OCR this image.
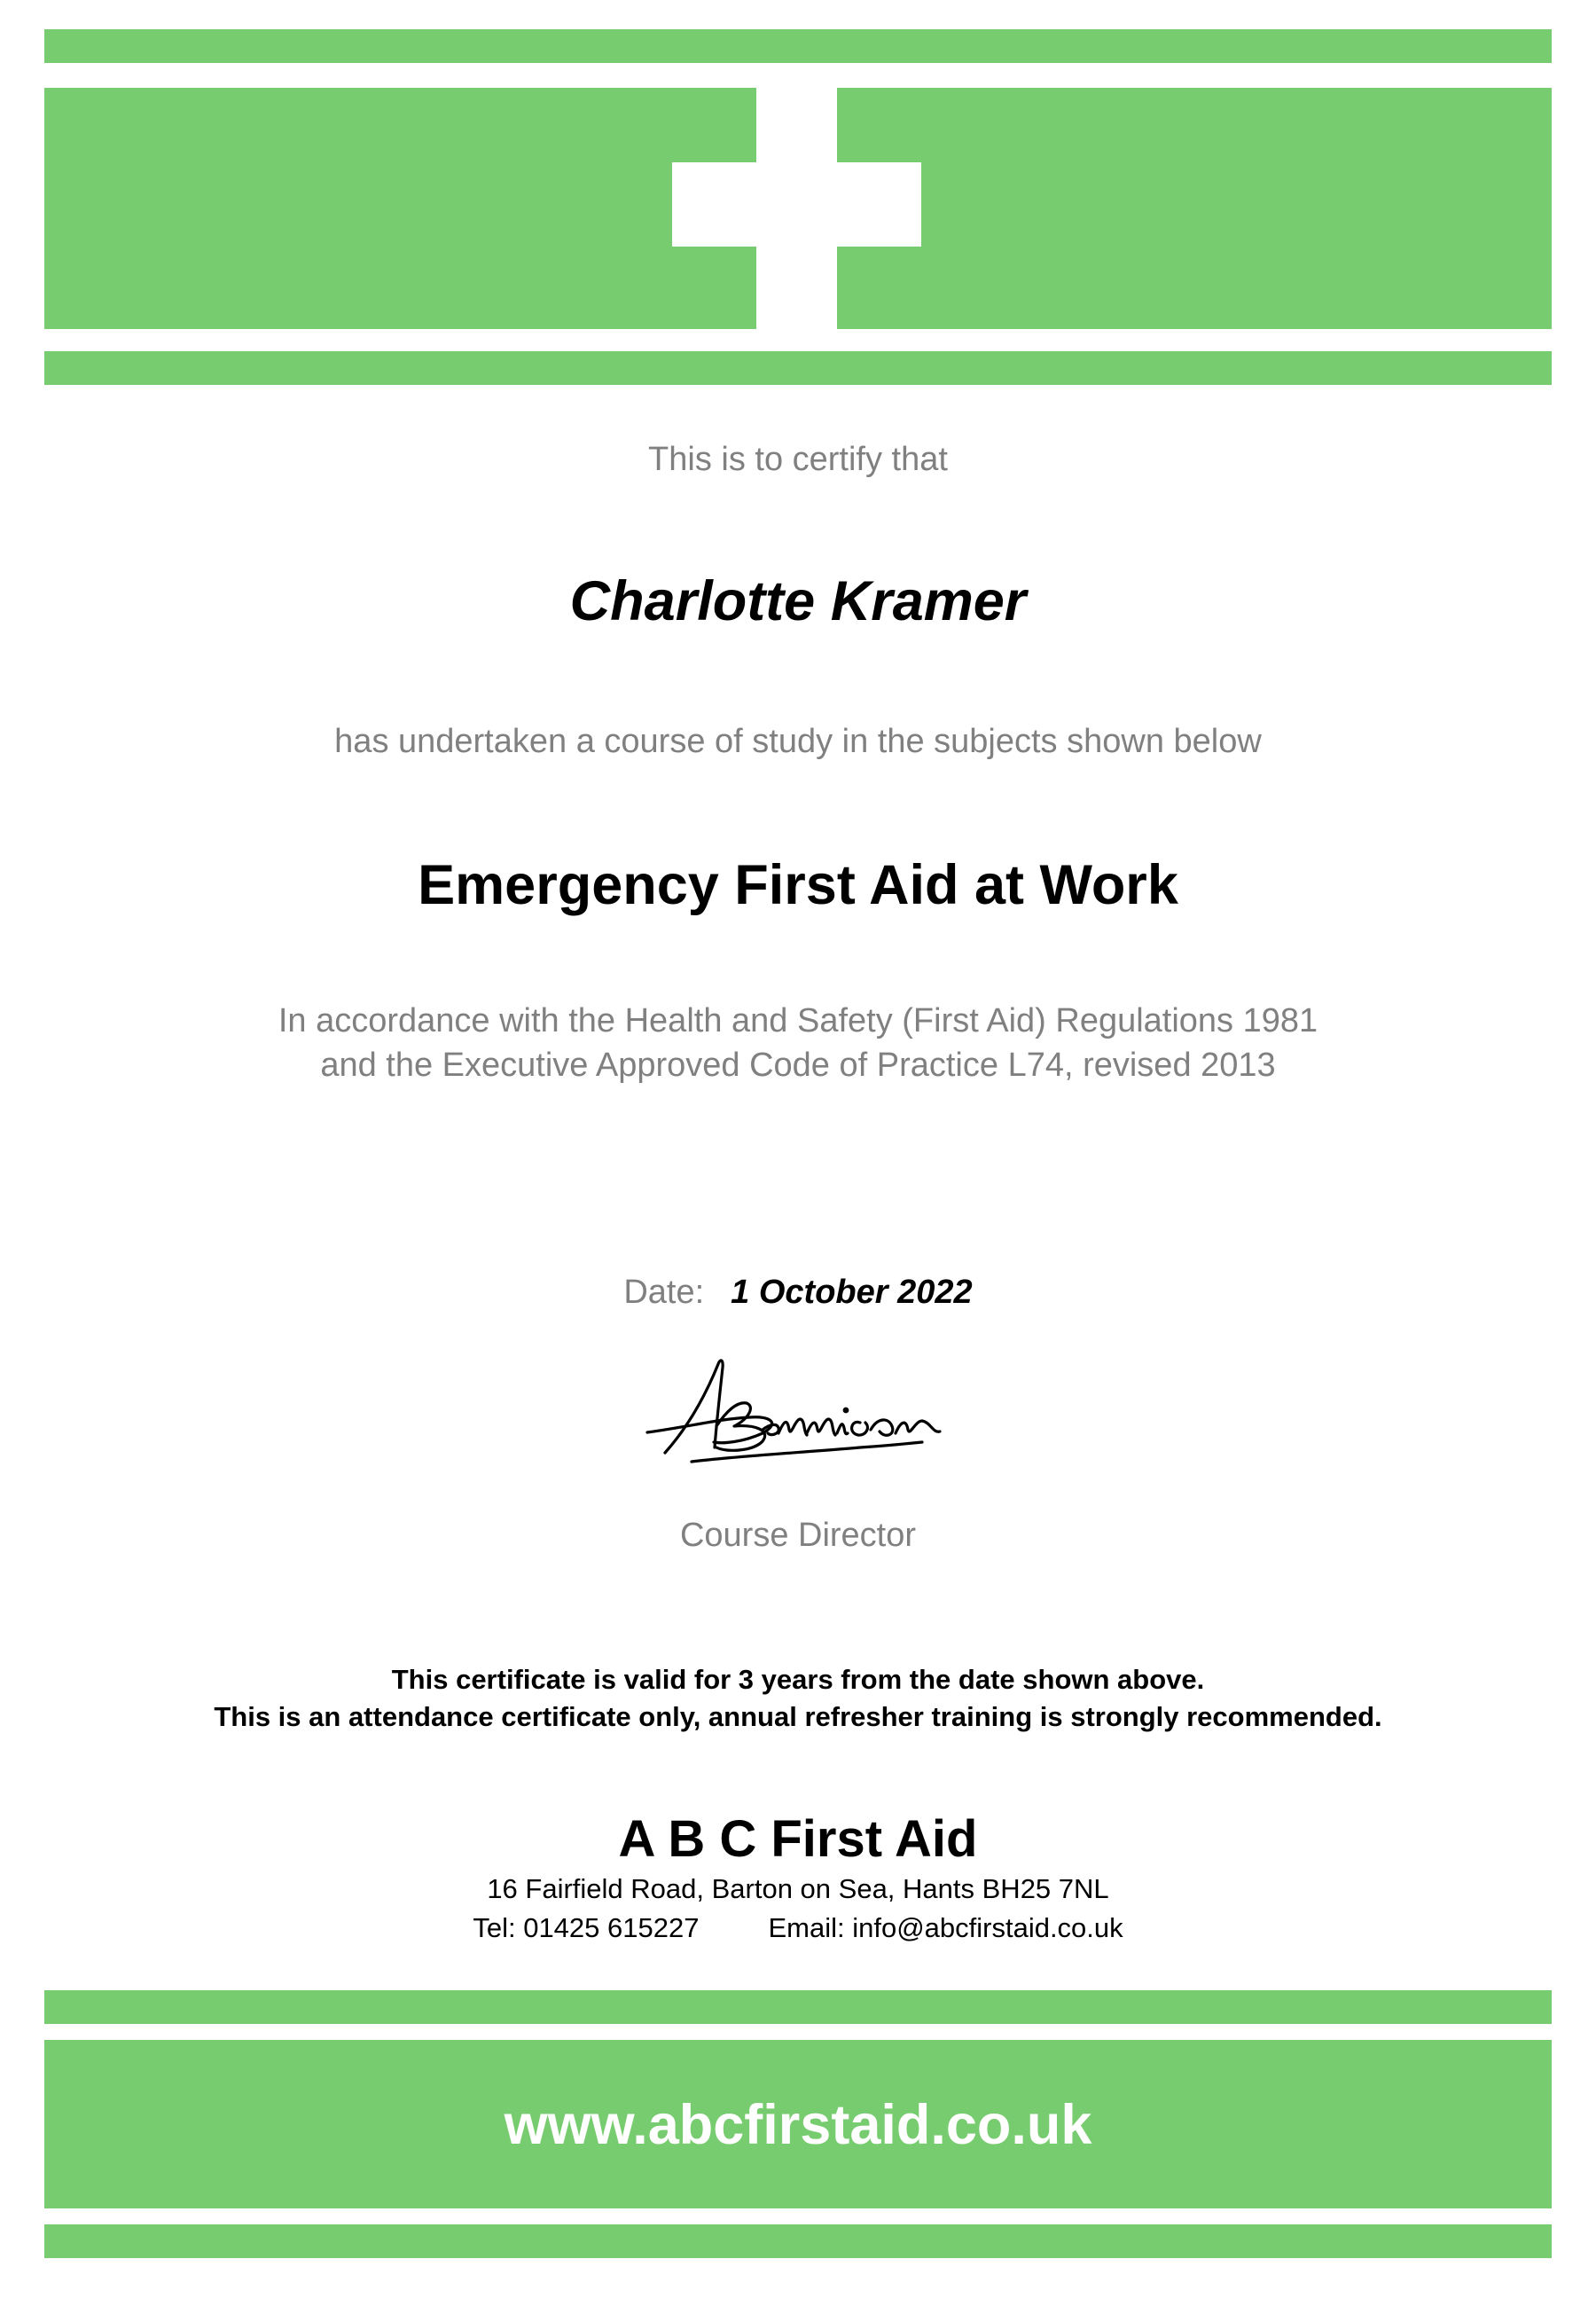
This is to certify that
Charlotte Kramer
has undertaken a course of study in the subjects shown below
Emergency First Aid at Work
In accordance with the Health and Safety (First Aid) Regulations 1981
and the Executive Approved Code of Practice L74, revised 2013
Date: 1 October 2022
Course Director
This certificate is valid for 3 years from the date shown above.
This is an attendance certificate only, annual refresher training is strongly recommended.
A B C First Aid
16 Fairfield Road, Barton on Sea, Hants BH25 7NL
Tel: 01425 615227	Email: info@abcfirstaid.co.uk
www.abcfirstaid.co.uk
